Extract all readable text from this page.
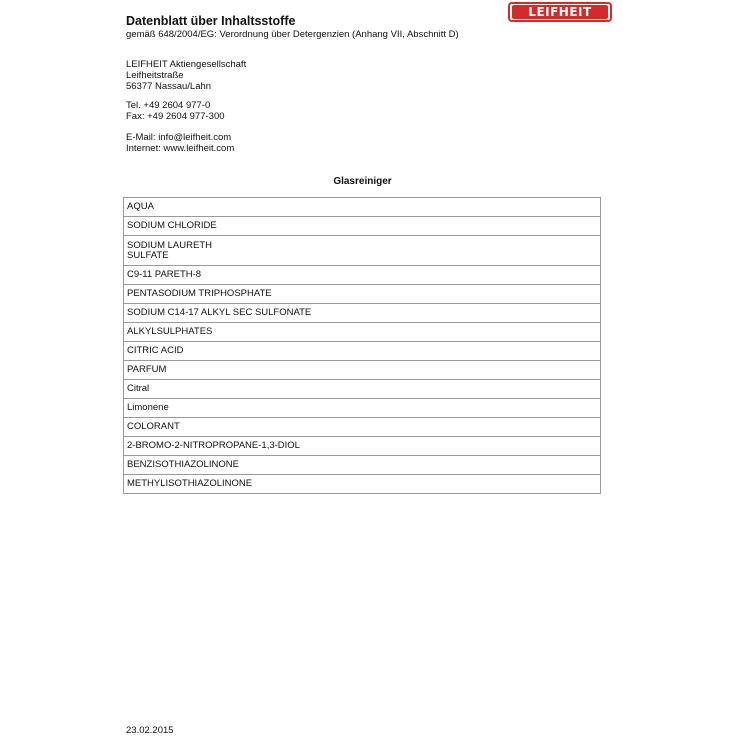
Datenblatt über Inhaltsstoffe
gemäß 648/2004/EG: Verordnung über Detergenzien (Anhang VII, Abschnitt D)
LEIFHEIT
LEIFHEIT Aktiengesellschaft
Leifheitstraße
56377 Nassau/Lahn
Tel. +49 2604 977-0
Fax: +49 2604 977-300
E-Mail: info@leifheit.com
Internet: www.leifheit.com
Glasreiniger
AQUA
SODIUM CHLORIDE
SODIUM LAURETH
SULFATE
C9-11 PARETH-8
PENTASODIUM TRIPHOSPHATE
SODIUM C14-17 ALKYL SEC SULFONATE
ALKYLSULPHATES
CITRIC ACID
PARFUM
Citral
Limonene
COLORANT
2-BROMO-2-NITROPROPANE-1,3-DIOL
BENZISOTHIAZOLINONE
METHYLISOTHIAZOLINONE
23.02.2015
